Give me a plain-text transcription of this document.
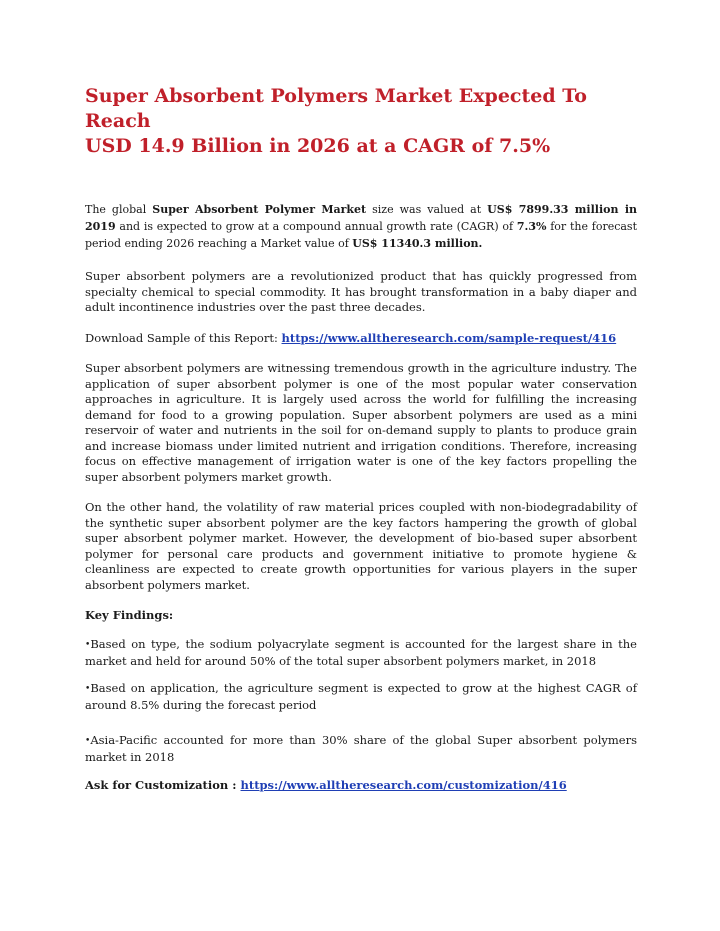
Super Absorbent Polymers Market Expected To Reach
USD 14.9 Billion in 2026 at a CAGR of 7.5%

The global Super Absorbent Polymer Market size was valued at US$ 7899.33 million in 2019 and is expected to grow at a compound annual growth rate (CAGR) of 7.3% for the forecast period ending 2026 reaching a Market value of US$ 11340.3 million.

Super absorbent polymers are a revolutionized product that has quickly progressed from specialty chemical to special commodity. It has brought transformation in a baby diaper and adult incontinence industries over the past three decades.

Download Sample of this Report: https://www.alltheresearch.com/sample-request/416

Super absorbent polymers are witnessing tremendous growth in the agriculture industry. The application of super absorbent polymer is one of the most popular water conservation approaches in agriculture. It is largely used across the world for fulfilling the increasing demand for food to a growing population. Super absorbent polymers are used as a mini reservoir of water and nutrients in the soil for on-demand supply to plants to produce grain and increase biomass under limited nutrient and irrigation conditions. Therefore, increasing focus on effective management of irrigation water is one of the key factors propelling the super absorbent polymers market growth.

On the other hand, the volatility of raw material prices coupled with non-biodegradability of the synthetic super absorbent polymer are the key factors hampering the growth of global super absorbent polymer market. However, the development of bio-based super absorbent polymer for personal care products and government initiative to promote hygiene & cleanliness are expected to create growth opportunities for various players in the super absorbent polymers market.

Key Findings:
•Based on type, the sodium polyacrylate segment is accounted for the largest share in the market and held for around 50% of the total super absorbent polymers market, in 2018
•Based on application, the agriculture segment is expected to grow at the highest CAGR of around 8.5% during the forecast period
•Asia-Pacific accounted for more than 30% share of the global Super absorbent polymers market in 2018
Ask for Customization : https://www.alltheresearch.com/customization/416
